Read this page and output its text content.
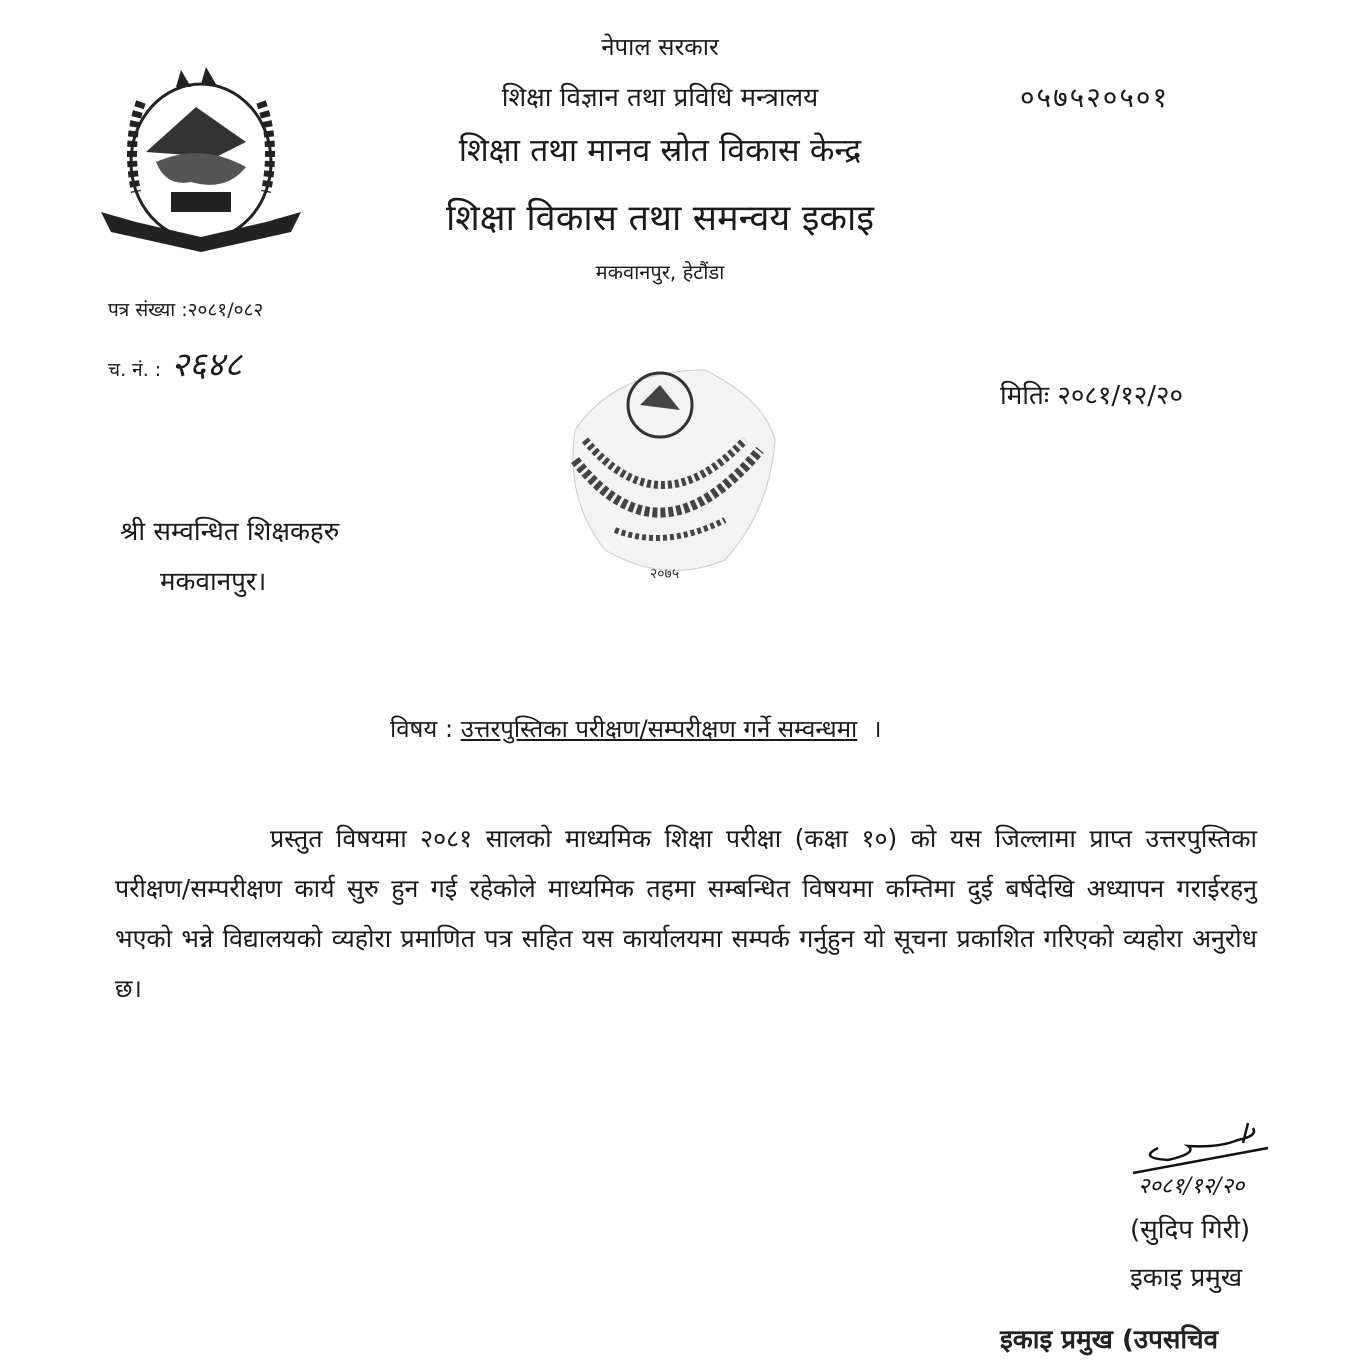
नेपाल सरकार
शिक्षा विज्ञान तथा प्रविधि मन्त्रालय
शिक्षा तथा मानव स्रोत विकास केन्द्र
शिक्षा विकास तथा समन्वय इकाइ
मकवानपुर, हेटौंडा
०५७५२०५०१
पत्र संख्या :२०८१/०८२
च. नं. : २६४८
मितिः २०८१/१२/२०
२०७५
श्री सम्वन्धित शिक्षकहरु
मकवानपुर।
विषय : उत्तरपुस्तिका परीक्षण/सम्परीक्षण गर्ने सम्वन्धमा ।
प्रस्तुत विषयमा २०८१ सालको माध्यमिक शिक्षा परीक्षा (कक्षा १०) को यस जिल्लामा प्राप्त उत्तरपुस्तिका परीक्षण/सम्परीक्षण कार्य सुरु हुन गई रहेकोले माध्यमिक तहमा सम्बन्धित विषयमा कम्तिमा दुई बर्षदेखि अध्यापन गराईरहनु भएको भन्ने विद्यालयको व्यहोरा प्रमाणित पत्र सहित यस कार्यालयमा सम्पर्क गर्नुहुन यो सूचना प्रकाशित गरिएको व्यहोरा अनुरोध छ।
२०८१/१२/२०
(सुदिप गिरी)
इकाइ प्रमुख
इकाइ प्रमुख (उपसचिव
